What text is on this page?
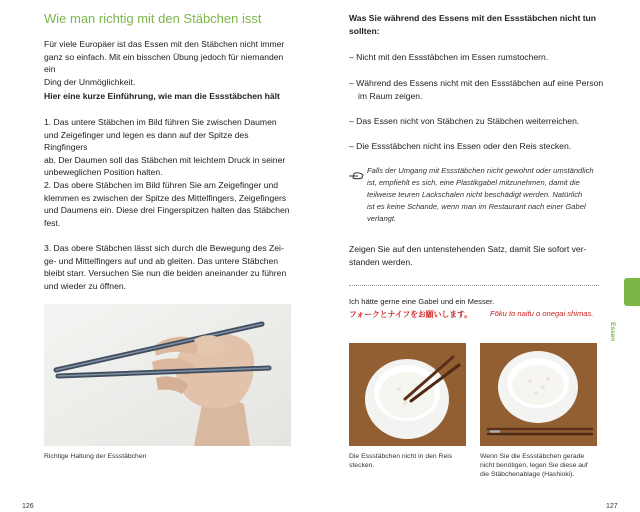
Wie man richtig mit den Stäbchen isst
Für viele Europäer ist das Essen mit den Stäbchen nicht immer
ganz so einfach. Mit ein bisschen Übung jedoch für niemanden ein
Ding der Unmöglichkeit.
Hier eine kurze Einführung, wie man die Essstäbchen hält
1. Das untere Stäbchen im Bild führen Sie zwischen Daumen
und Zeigefinger und legen es dann auf der Spitze des Ringfingers
ab. Der Daumen soll das Stäbchen mit leichtem Druck in seiner
unbeweglichen Position halten.
2. Das obere Stäbchen im Bild führen Sie am Zeigefinger und
klemmen es zwischen der Spitze des Mittelfingers, Zeigefingers
und Daumens ein. Diese drei Fingerspitzen halten das Stäbchen
fest.
3. Das obere Stäbchen lässt sich durch die Bewegung des Zei-
ge- und Mittelfingers auf und ab gleiten. Das untere Stäbchen
bleibt starr. Versuchen Sie nun die beiden aneinander zu führen
und wieder zu öffnen.
Richtige Haltung der Essstäbchen
126
Was Sie während des Essens mit den Essstäbchen nicht tun
sollten:
– Nicht mit den Essstäbchen im Essen rumstochern.
– Während des Essens nicht mit den Essstäbchen auf eine Person
im Raum zeigen.
– Das Essen nicht von Stäbchen zu Stäbchen weiterreichen.
– Die Essstäbchen nicht ins Essen oder den Reis stecken.
Falls der Umgang mit Essstäbchen nicht gewohnt oder umständlich
ist, empfiehlt es sich, eine Plastikgabel mitzunehmen, damit die
teilweise teuren Lackschalen nicht beschädigt werden. Natürlich
ist es keine Schande, wenn man im Restaurant nach einer Gabel
verlangt.
Zeigen Sie auf den untenstehenden Satz, damit Sie sofort ver-
standen werden.
Ich hätte gerne eine Gabel und ein Messer.
フォークとナイフをお願いします。 Fōku to naifu o onegai shimas.
Die Essstäbchen nicht in den Reis
stecken.
Wenn Sie die Essstäbchen gerade
nicht benötigen, legen Sie diese auf
die Stäbchenablage (Hashioki).
Essen
127
